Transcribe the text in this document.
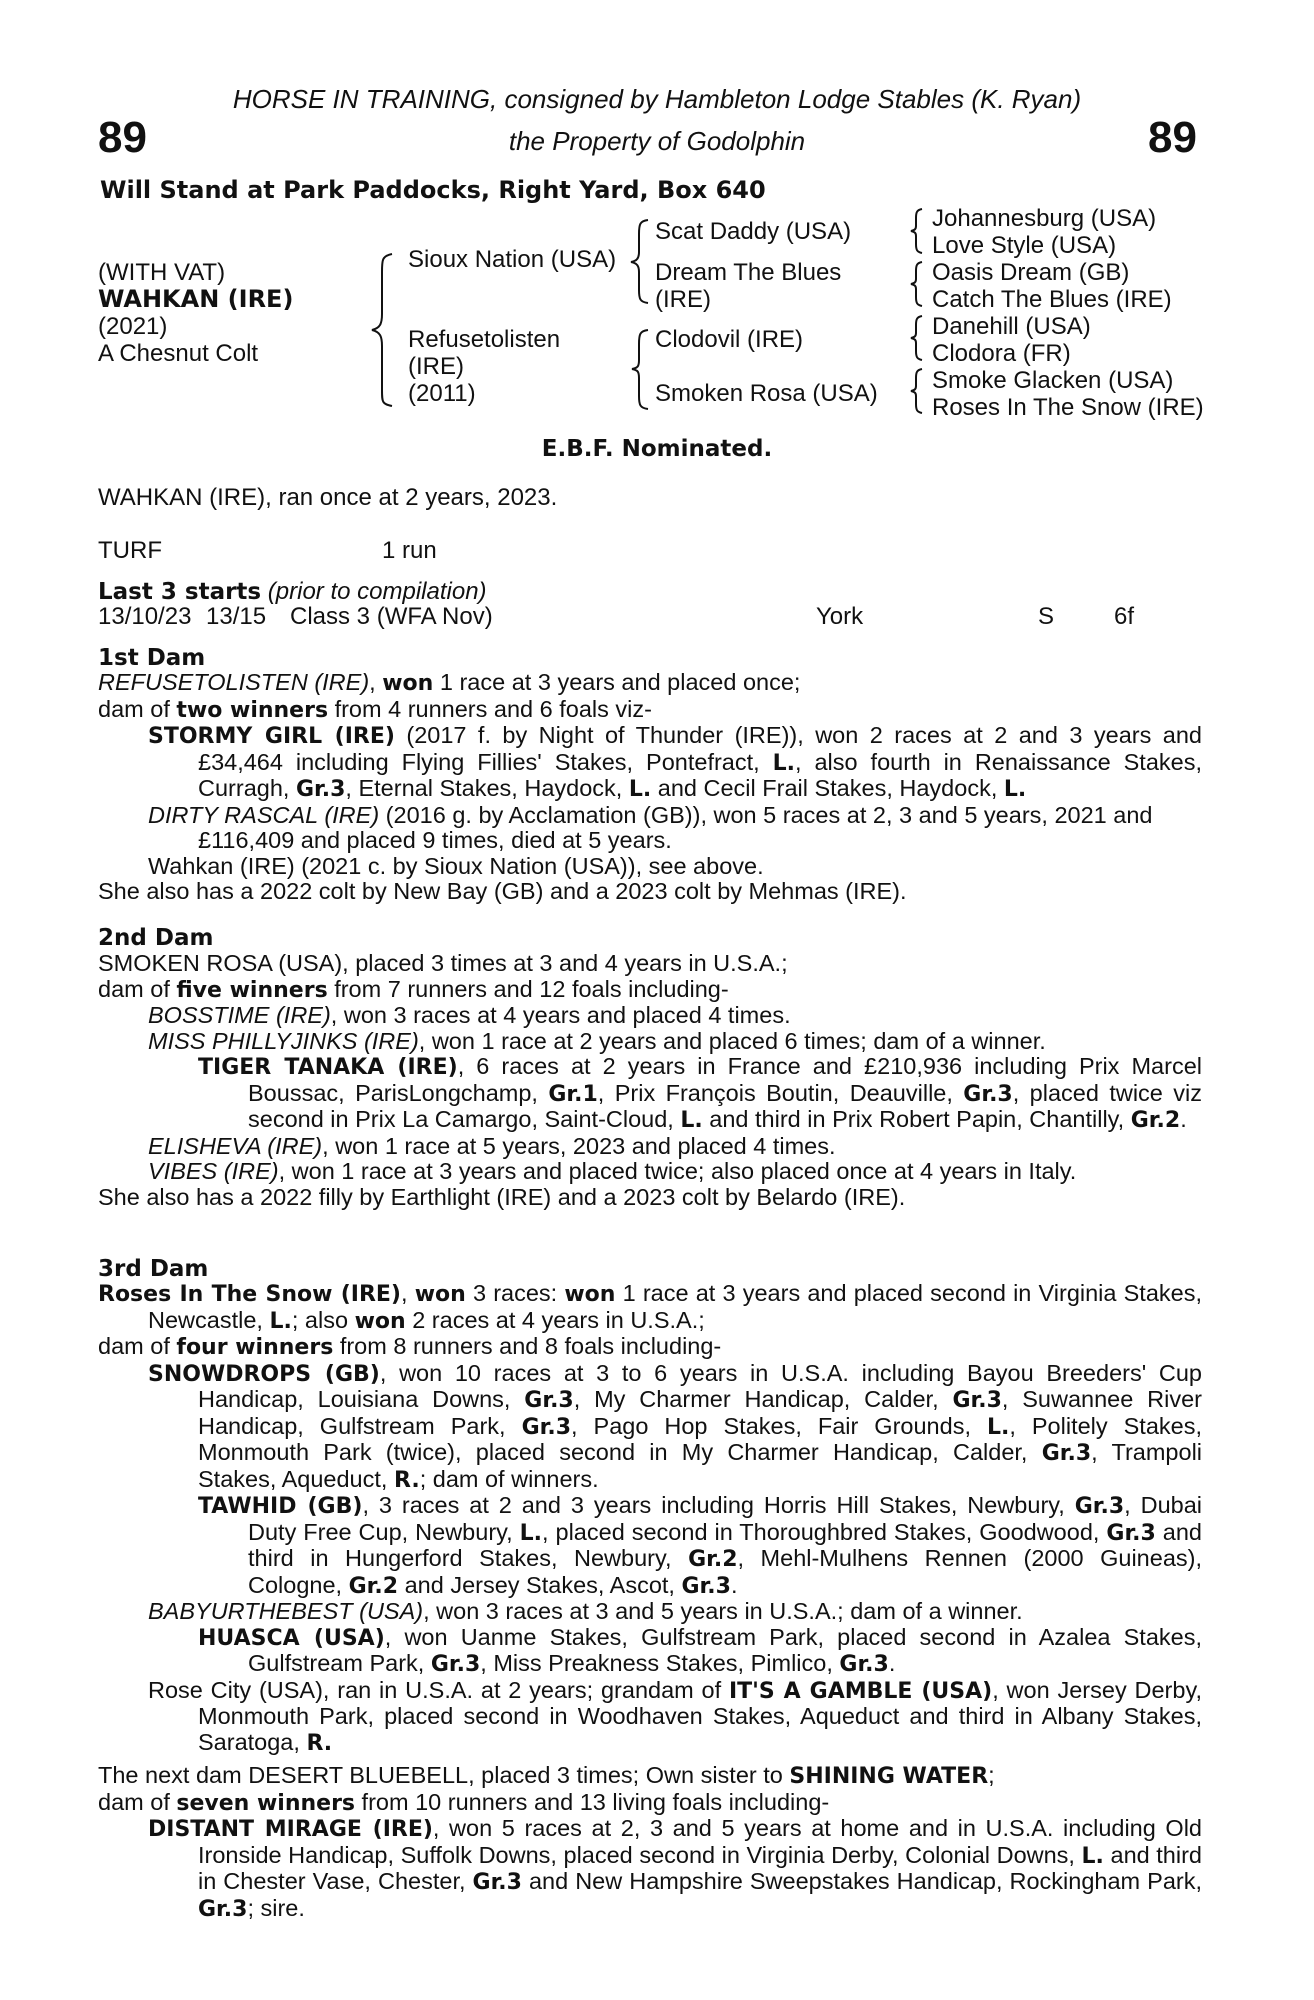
HORSE IN TRAINING, consigned by Hambleton Lodge Stables (K. Ryan)
the Property of Godolphin
89	89
Will Stand at Park Paddocks, Right Yard, Box 640
(WITH VAT)
WAHKAN (IRE)
(2021)
A Chesnut Colt
Sioux Nation (USA)
Refusetolisten
(IRE)
(2011)
Scat Daddy (USA)
Dream The Blues
(IRE)
Clodovil (IRE)
Smoken Rosa (USA)
Johannesburg (USA)
Love Style (USA)
Oasis Dream (GB)
Catch The Blues (IRE)
Danehill (USA)
Clodora (FR)
Smoke Glacken (USA)
Roses In The Snow (IRE)
E.B.F. Nominated.
WAHKAN (IRE), ran once at 2 years, 2023.
TURF	1 run
Last 3 starts (prior to compilation)
13/10/23 13/15 Class 3 (WFA Nov)	York	S 6f
1st Dam

REFUSETOLISTEN (IRE), won 1 race at 3 years and placed once;

dam of two winners from 4 runners and 6 foals viz-

STORMY GIRL (IRE) (2017 f. by Night of Thunder (IRE)), won 2 races at 2 and 3 years and £34,464 including Flying Fillies' Stakes, Pontefract, L., also fourth in Renaissance Stakes, Curragh, Gr.3, Eternal Stakes, Haydock, L. and Cecil Frail Stakes, Haydock, L.

DIRTY RASCAL (IRE) (2016 g. by Acclamation (GB)), won 5 races at 2, 3 and 5 years, 2021 and £116,409 and placed 9 times, died at 5 years.

Wahkan (IRE) (2021 c. by Sioux Nation (USA)), see above.

She also has a 2022 colt by New Bay (GB) and a 2023 colt by Mehmas (IRE).

2nd Dam

SMOKEN ROSA (USA), placed 3 times at 3 and 4 years in U.S.A.;

dam of five winners from 7 runners and 12 foals including-

BOSSTIME (IRE), won 3 races at 4 years and placed 4 times.

MISS PHILLYJINKS (IRE), won 1 race at 2 years and placed 6 times; dam of a winner.

TIGER TANAKA (IRE), 6 races at 2 years in France and £210,936 including Prix Marcel Boussac, ParisLongchamp, Gr.1, Prix François Boutin, Deauville, Gr.3, placed twice viz second in Prix La Camargo, Saint-Cloud, L. and third in Prix Robert Papin, Chantilly, Gr.2.

ELISHEVA (IRE), won 1 race at 5 years, 2023 and placed 4 times.

VIBES (IRE), won 1 race at 3 years and placed twice; also placed once at 4 years in Italy.

She also has a 2022 filly by Earthlight (IRE) and a 2023 colt by Belardo (IRE).

3rd Dam

Roses In The Snow (IRE), won 3 races: won 1 race at 3 years and placed second in Virginia Stakes, Newcastle, L.; also won 2 races at 4 years in U.S.A.;

dam of four winners from 8 runners and 8 foals including-

SNOWDROPS (GB), won 10 races at 3 to 6 years in U.S.A. including Bayou Breeders' Cup Handicap, Louisiana Downs, Gr.3, My Charmer Handicap, Calder, Gr.3, Suwannee River Handicap, Gulfstream Park, Gr.3, Pago Hop Stakes, Fair Grounds, L., Politely Stakes, Monmouth Park (twice), placed second in My Charmer Handicap, Calder, Gr.3, Trampoli Stakes, Aqueduct, R.; dam of winners.

TAWHID (GB), 3 races at 2 and 3 years including Horris Hill Stakes, Newbury, Gr.3, Dubai Duty Free Cup, Newbury, L., placed second in Thoroughbred Stakes, Goodwood, Gr.3 and third in Hungerford Stakes, Newbury, Gr.2, Mehl-Mulhens Rennen (2000 Guineas), Cologne, Gr.2 and Jersey Stakes, Ascot, Gr.3.

BABYURTHEBEST (USA), won 3 races at 3 and 5 years in U.S.A.; dam of a winner.

HUASCA (USA), won Uanme Stakes, Gulfstream Park, placed second in Azalea Stakes, Gulfstream Park, Gr.3, Miss Preakness Stakes, Pimlico, Gr.3.

Rose City (USA), ran in U.S.A. at 2 years; grandam of IT'S A GAMBLE (USA), won Jersey Derby, Monmouth Park, placed second in Woodhaven Stakes, Aqueduct and third in Albany Stakes, Saratoga, R.

The next dam DESERT BLUEBELL, placed 3 times; Own sister to SHINING WATER;

dam of seven winners from 10 runners and 13 living foals including-

DISTANT MIRAGE (IRE), won 5 races at 2, 3 and 5 years at home and in U.S.A. including Old Ironside Handicap, Suffolk Downs, placed second in Virginia Derby, Colonial Downs, L. and third in Chester Vase, Chester, Gr.3 and New Hampshire Sweepstakes Handicap, Rockingham Park, Gr.3; sire.
